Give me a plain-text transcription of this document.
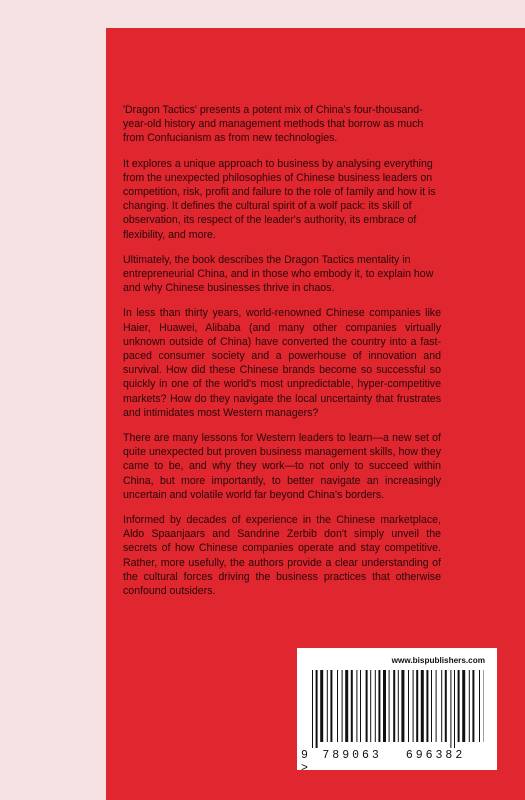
'Dragon Tactics' presents a potent mix of China's four-thousand-year-old history and management methods that borrow as much from Confucianism as from new technologies.

It explores a unique approach to business by analysing everything from the unexpected philosophies of Chinese business leaders on competition, risk, profit and failure to the role of family and how it is changing. It defines the cultural spirit of a wolf pack: its skill of observation, its respect of the leader's authority, its embrace of flexibility, and more.

Ultimately, the book describes the Dragon Tactics mentality in entrepreneurial China, and in those who embody it, to explain how and why Chinese businesses thrive in chaos.

In less than thirty years, world-renowned Chinese companies like Haier, Huawei, Alibaba (and many other companies virtually unknown outside of China) have converted the country into a fast-paced consumer society and a powerhouse of innovation and survival. How did these Chinese brands become so successful so quickly in one of the world's most unpredictable, hyper-competitive markets? How do they navigate the local uncertainty that frustrates and intimidates most Western managers?

There are many lessons for Western leaders to learn—a new set of quite unexpected but proven business management skills, how they came to be, and why they work—to not only to succeed within China, but more importantly, to better navigate an increasingly uncertain and volatile world far beyond China's borders.

Informed by decades of experience in the Chinese marketplace, Aldo Spaanjaars and Sandrine Zerbib don't simply unveil the secrets of how Chinese companies operate and stay competitive. Rather, more usefully, the authors provide a clear understanding of the cultural forces driving the business practices that otherwise confound outsiders.

www.bispublishers.com
9 789063 696382 >
